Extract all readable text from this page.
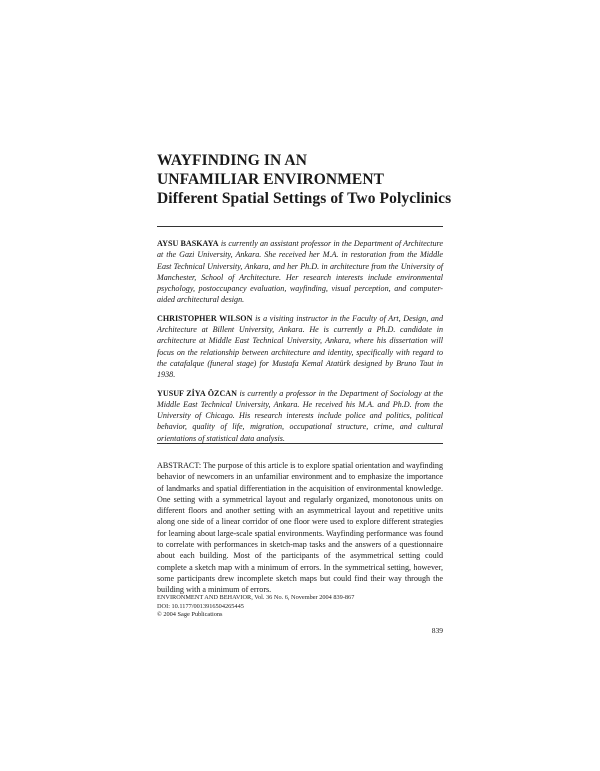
WAYFINDING IN AN
UNFAMILIAR ENVIRONMENT
Different Spatial Settings of Two Polyclinics

AYSU BASKAYA is currently an assistant professor in the Department of Architecture at the Gazi University, Ankara. She received her M.A. in restoration from the Middle East Technical University, Ankara, and her Ph.D. in architecture from the University of Manchester, School of Architecture. Her research interests include environmental psychology, postoccupancy evaluation, wayfinding, visual perception, and computer-aided architectural design.

CHRISTOPHER WILSON is a visiting instructor in the Faculty of Art, Design, and Architecture at Billent University, Ankara. He is currently a Ph.D. candidate in architecture at Middle East Technical University, Ankara, where his dissertation will focus on the relationship between architecture and identity, specifically with regard to the catafalque (funeral stage) for Mustafa Kemal Atatürk designed by Bruno Taut in 1938.

YUSUF ZİYA ÖZCAN is currently a professor in the Department of Sociology at the Middle East Technical University, Ankara. He received his M.A. and Ph.D. from the University of Chicago. His research interests include police and politics, political behavior, quality of life, migration, occupational structure, crime, and cultural orientations of statistical data analysis.

ABSTRACT: The purpose of this article is to explore spatial orientation and wayfinding behavior of newcomers in an unfamiliar environment and to emphasize the importance of landmarks and spatial differentiation in the acquisition of environmental knowledge. One setting with a symmetrical layout and regularly organized, monotonous units on different floors and another setting with an asymmetrical layout and repetitive units along one side of a linear corridor of one floor were used to explore different strategies for learning about large-scale spatial environments. Wayfinding performance was found to correlate with performances in sketch-map tasks and the answers of a questionnaire about each building. Most of the participants of the asymmetrical setting could complete a sketch map with a minimum of errors. In the symmetrical setting, however, some participants drew incomplete sketch maps but could find their way through the building with a minimum of errors.
ENVIRONMENT AND BEHAVIOR, Vol. 36 No. 6, November 2004 839-867
DOI: 10.1177/0013916504265445
© 2004 Sage Publications
839
